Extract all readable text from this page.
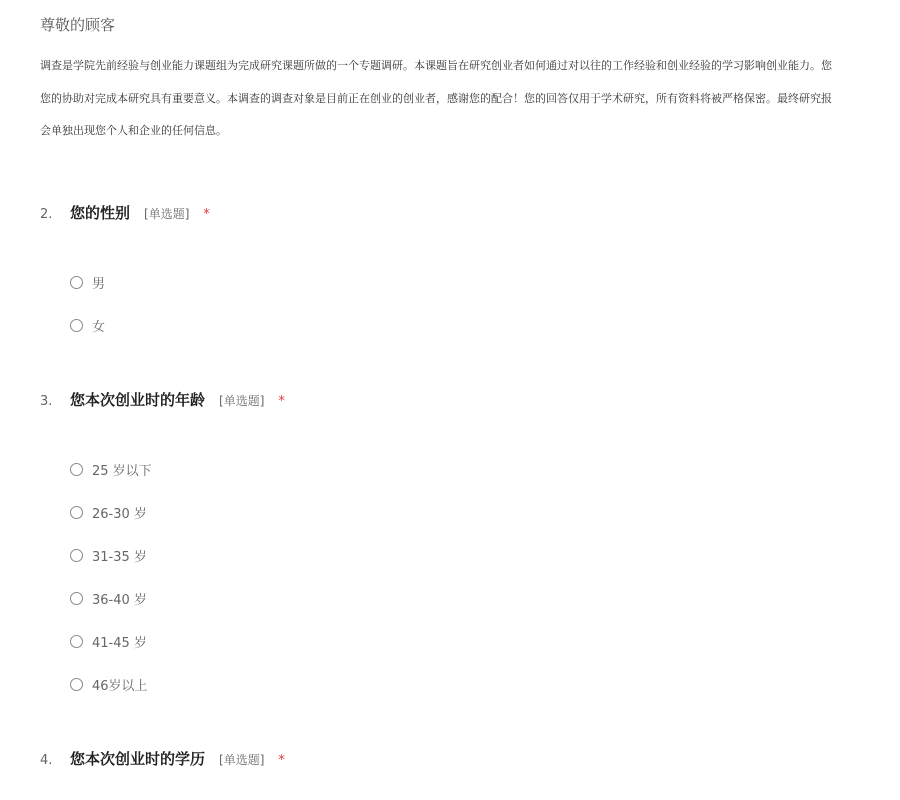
尊敬的顾客
调查是学院先前经验与创业能力课题组为完成研究课题所做的一个专题调研。本课题旨在研究创业者如何通过对以往的工作经验和创业经验的学习影响创业能力。您
您的协助对完成本研究具有重要意义。本调查的调查对象是目前正在创业的创业者，感谢您的配合！您的回答仅用于学术研究，所有资料将被严格保密。最终研究报
会单独出现您个人和企业的任何信息。
2.	您的性别 [单选题] *
男
女
3.	您本次创业时的年龄 [单选题] *
25 岁以下
26-30 岁
31-35 岁
36-40 岁
41-45 岁
46岁以上
4.	您本次创业时的学历 [单选题] *
